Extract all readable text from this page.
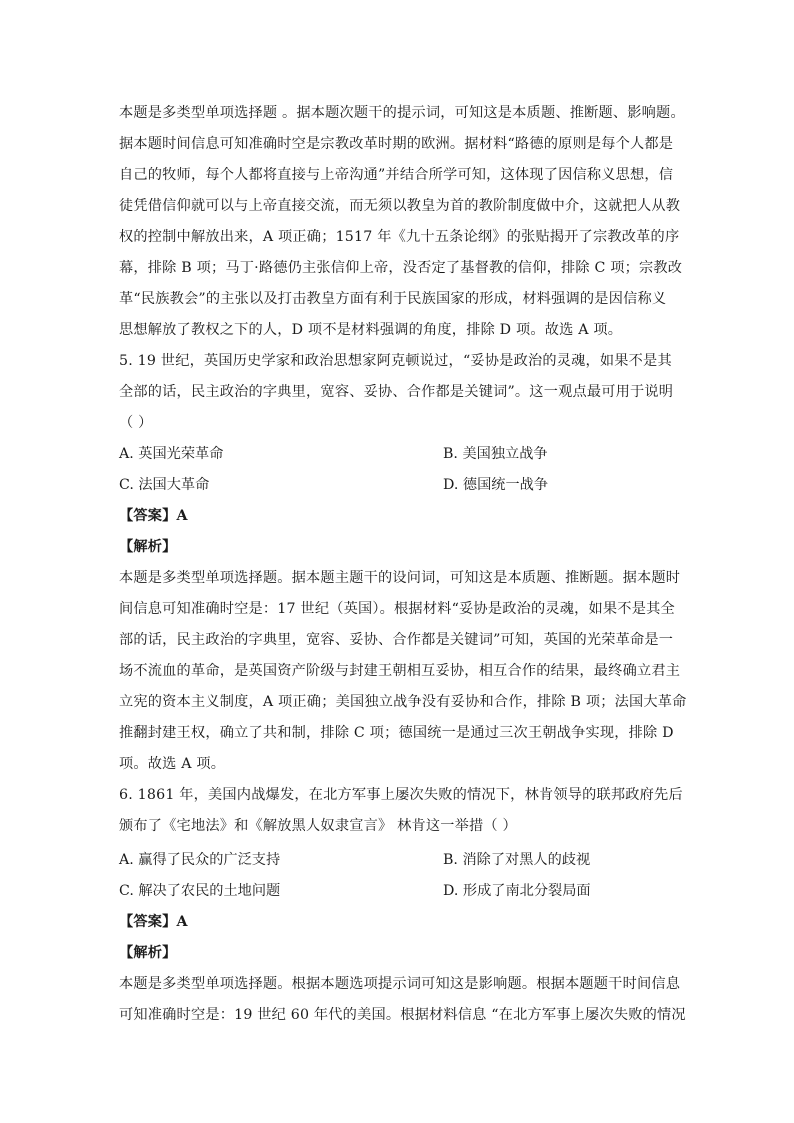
本题是多类型单项选择题 。据本题次题干的提示词，可知这是本质题、推断题、影响题。
据本题时间信息可知准确时空是宗教改革时期的欧洲。据材料“路德的原则是每个人都是
自己的牧师，每个人都将直接与上帝沟通”并结合所学可知，这体现了因信称义思想，信
徒凭借信仰就可以与上帝直接交流，而无须以教皇为首的教阶制度做中介，这就把人从教
权的控制中解放出来，A 项正确；1517 年《九十五条论纲》的张贴揭开了宗教改革的序
幕，排除 B 项；马丁·路德仍主张信仰上帝，没否定了基督教的信仰，排除 C 项；宗教改
革“民族教会”的主张以及打击教皇方面有利于民族国家的形成，材料强调的是因信称义
思想解放了教权之下的人，D 项不是材料强调的角度，排除 D 项。故选 A 项。
5. 19 世纪，英国历史学家和政治思想家阿克顿说过，“妥协是政治的灵魂，如果不是其
全部的话，民主政治的字典里，宽容、妥协、合作都是关键词”。这一观点最可用于说明
（ ）
A. 英国光荣革命	B. 美国独立战争
C. 法国大革命	D. 德国统一战争
【答案】A
【解析】
本题是多类型单项选择题。据本题主题干的设问词，可知这是本质题、推断题。据本题时
间信息可知准确时空是：17 世纪（英国）。根据材料“妥协是政治的灵魂，如果不是其全
部的话，民主政治的字典里，宽容、妥协、合作都是关键词”可知，英国的光荣革命是一
场不流血的革命，是英国资产阶级与封建王朝相互妥协，相互合作的结果，最终确立君主
立宪的资本主义制度，A 项正确；美国独立战争没有妥协和合作，排除 B 项；法国大革命
推翻封建王权，确立了共和制，排除 C 项；德国统一是通过三次王朝战争实现，排除 D
项。故选 A 项。
6. 1861 年，美国内战爆发，在北方军事上屡次失败的情况下，林肯领导的联邦政府先后
颁布了《宅地法》和《解放黑人奴隶宣言》 林肯这一举措（ ）
A. 赢得了民众的广泛支持	B. 消除了对黑人的歧视
C. 解决了农民的土地问题	D. 形成了南北分裂局面
【答案】A
【解析】
本题是多类型单项选择题。根据本题选项提示词可知这是影响题。根据本题题干时间信息
可知准确时空是：19 世纪 60 年代的美国。根据材料信息 “在北方军事上屡次失败的情况
